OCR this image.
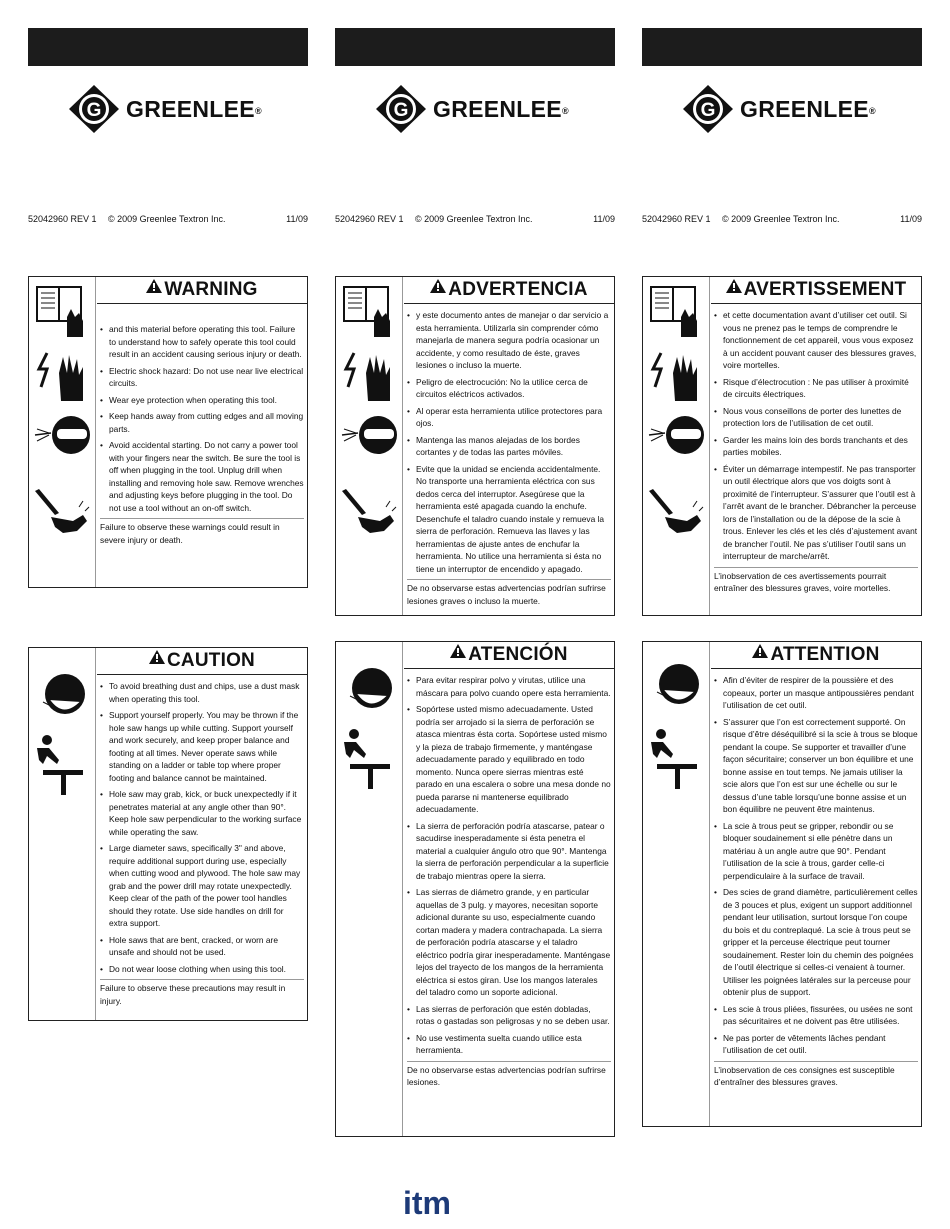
G GREENLEE®
52042960 REV 1 © 2009 Greenlee Textron Inc.	11/09
WARNING
• and this material before operating this tool. Failure to understand how to safely operate this tool could result in an accident causing serious injury or death.
• Electric shock hazard: Do not use near live electrical circuits.
• Wear eye protection when operating this tool.
• Keep hands away from cutting edges and all moving parts.
• Avoid accidental starting. Do not carry a power tool with your fingers near the switch. Be sure the tool is off when plugging in the tool. Unplug drill when installing and removing hole saw. Remove wrenches and adjusting keys before plugging in the tool. Do not use a tool without an on-off switch.

Failure to observe these warnings could result in severe injury or death.

CAUTION
• To avoid breathing dust and chips, use a dust mask when operating this tool.
• Support yourself properly. You may be thrown if the hole saw hangs up while cutting. Support yourself and work securely, and keep proper balance and footing at all times. Never operate saws while standing on a ladder or table top where proper footing and balance cannot be maintained.
• Hole saw may grab, kick, or buck unexpectedly if it penetrates material at any angle other than 90°. Keep hole saw perpendicular to the working surface while operating the saw.
• Large diameter saws, specifically 3" and above, require additional support during use, especially when cutting wood and plywood. The hole saw may grab and the power drill may rotate unexpectedly. Keep clear of the path of the power tool handles should they rotate. Use side handles on drill for extra support.
• Hole saws that are bent, cracked, or worn are unsafe and should not be used.
• Do not wear loose clothing when using this tool.

Failure to observe these precautions may result in injury.

G GREENLEE®
52042960 REV 1 © 2009 Greenlee Textron Inc.	11/09
ADVERTENCIA
• y este documento antes de manejar o dar servicio a esta herramienta. Utilizarla sin comprender cómo manejarla de manera segura podría ocasionar un accidente, y como resultado de éste, graves lesiones o incluso la muerte.
• Peligro de electrocución: No la utilice cerca de circuitos eléctricos activados.
• Al operar esta herramienta utilice protectores para ojos.
• Mantenga las manos alejadas de los bordes cortantes y de todas las partes móviles.
• Evite que la unidad se encienda accidentalmente. No transporte una herramienta eléctrica con sus dedos cerca del interruptor. Asegúrese que la herramienta esté apagada cuando la enchufe. Desenchufe el taladro cuando instale y remueva la sierra de perforación. Remueva las llaves y las herramientas de ajuste antes de enchufar la herramienta. No utilice una herramienta si ésta no tiene un interruptor de encendido y apagado.

De no observarse estas advertencias podrían sufrirse lesiones graves o incluso la muerte.

ATENCIÓN
• Para evitar respirar polvo y virutas, utilice una máscara para polvo cuando opere esta herramienta.
• Sopórtese usted mismo adecuadamente. Usted podría ser arrojado si la sierra de perforación se atasca mientras ésta corta. Sopórtese usted mismo y la pieza de trabajo firmemente, y manténgase adecuadamente parado y equilibrado en todo momento. Nunca opere sierras mientras esté parado en una escalera o sobre una mesa donde no pueda pararse ni mantenerse equilibrado adecuadamente.
• La sierra de perforación podría atascarse, patear o sacudirse inesperadamente si ésta penetra el material a cualquier ángulo otro que 90°. Mantenga la sierra de perforación perpendicular a la superficie de trabajo mientras opere la sierra.
• Las sierras de diámetro grande, y en particular aquellas de 3 pulg. y mayores, necesitan soporte adicional durante su uso, especialmente cuando cortan madera y madera contrachapada. La sierra de perforación podría atascarse y el taladro eléctrico podría girar inesperadamente. Manténgase lejos del trayecto de los mangos de la herramienta eléctrica si estos giran. Use los mangos laterales del taladro como un soporte adicional.
• Las sierras de perforación que estén dobladas, rotas o gastadas son peligrosas y no se deben usar.
• No use vestimenta suelta cuando utilice esta herramienta.

De no observarse estas advertencias podrían sufrirse lesiones.

G GREENLEE®
52042960 REV 1 © 2009 Greenlee Textron Inc.	11/09
AVERTISSEMENT
• et cette documentation avant d’utiliser cet outil. Si vous ne prenez pas le temps de comprendre le fonctionnement de cet appareil, vous vous exposez à un accident pouvant causer des blessures graves, voire mortelles.
• Risque d’électrocution : Ne pas utiliser à proximité de circuits électriques.
• Nous vous conseillons de porter des lunettes de protection lors de l’utilisation de cet outil.
• Garder les mains loin des bords tranchants et des parties mobiles.
• Éviter un démarrage intempestif. Ne pas transporter un outil électrique alors que vos doigts sont à proximité de l’interrupteur. S’assurer que l’outil est à l’arrêt avant de le brancher. Débrancher la perceuse lors de l’installation ou de la dépose de la scie à trous. Enlever les clés et les clés d’ajustement avant de brancher l’outil. Ne pas s’utiliser l’outil sans un interrupteur de marche/arrêt.

L’inobservation de ces avertissements pourrait entraîner des blessures graves, voire mortelles.

ATTENTION
• Afin d’éviter de respirer de la poussière et des copeaux, porter un masque antipoussières pendant l’utilisation de cet outil.
• S’assurer que l’on est correctement supporté. On risque d’être déséquilibré si la scie à trous se bloque pendant la coupe. Se supporter et travailler d’une façon sécuritaire; conserver un bon équilibre et une bonne assise en tout temps. Ne jamais utiliser la scie alors que l’on est sur une échelle ou sur le dessus d’une table lorsqu’une bonne assise et un bon équilibre ne peuvent être maintenus.
• La scie à trous peut se gripper, rebondir ou se bloquer soudainement si elle pénètre dans un matériau à un angle autre que 90°. Pendant l’utilisation de la scie à trous, garder celle-ci perpendiculaire à la surface de travail.
• Des scies de grand diamètre, particulièrement celles de 3 pouces et plus, exigent un support additionnel pendant leur utilisation, surtout lorsque l’on coupe du bois et du contreplaqué. La scie à trous peut se gripper et la perceuse électrique peut tourner soudainement. Rester loin du chemin des poignées de l’outil électrique si celles-ci venaient à tourner. Utiliser les poignées latérales sur la perceuse pour obtenir plus de support.
• Les scie à trous pliées, fissurées, ou usées ne sont pas sécuritaires et ne doivent pas être utilisées.
• Ne pas porter de vêtements lâches pendant l’utilisation de cet outil.

L’inobservation de ces consignes est susceptible d’entraîner des blessures graves.

itm
